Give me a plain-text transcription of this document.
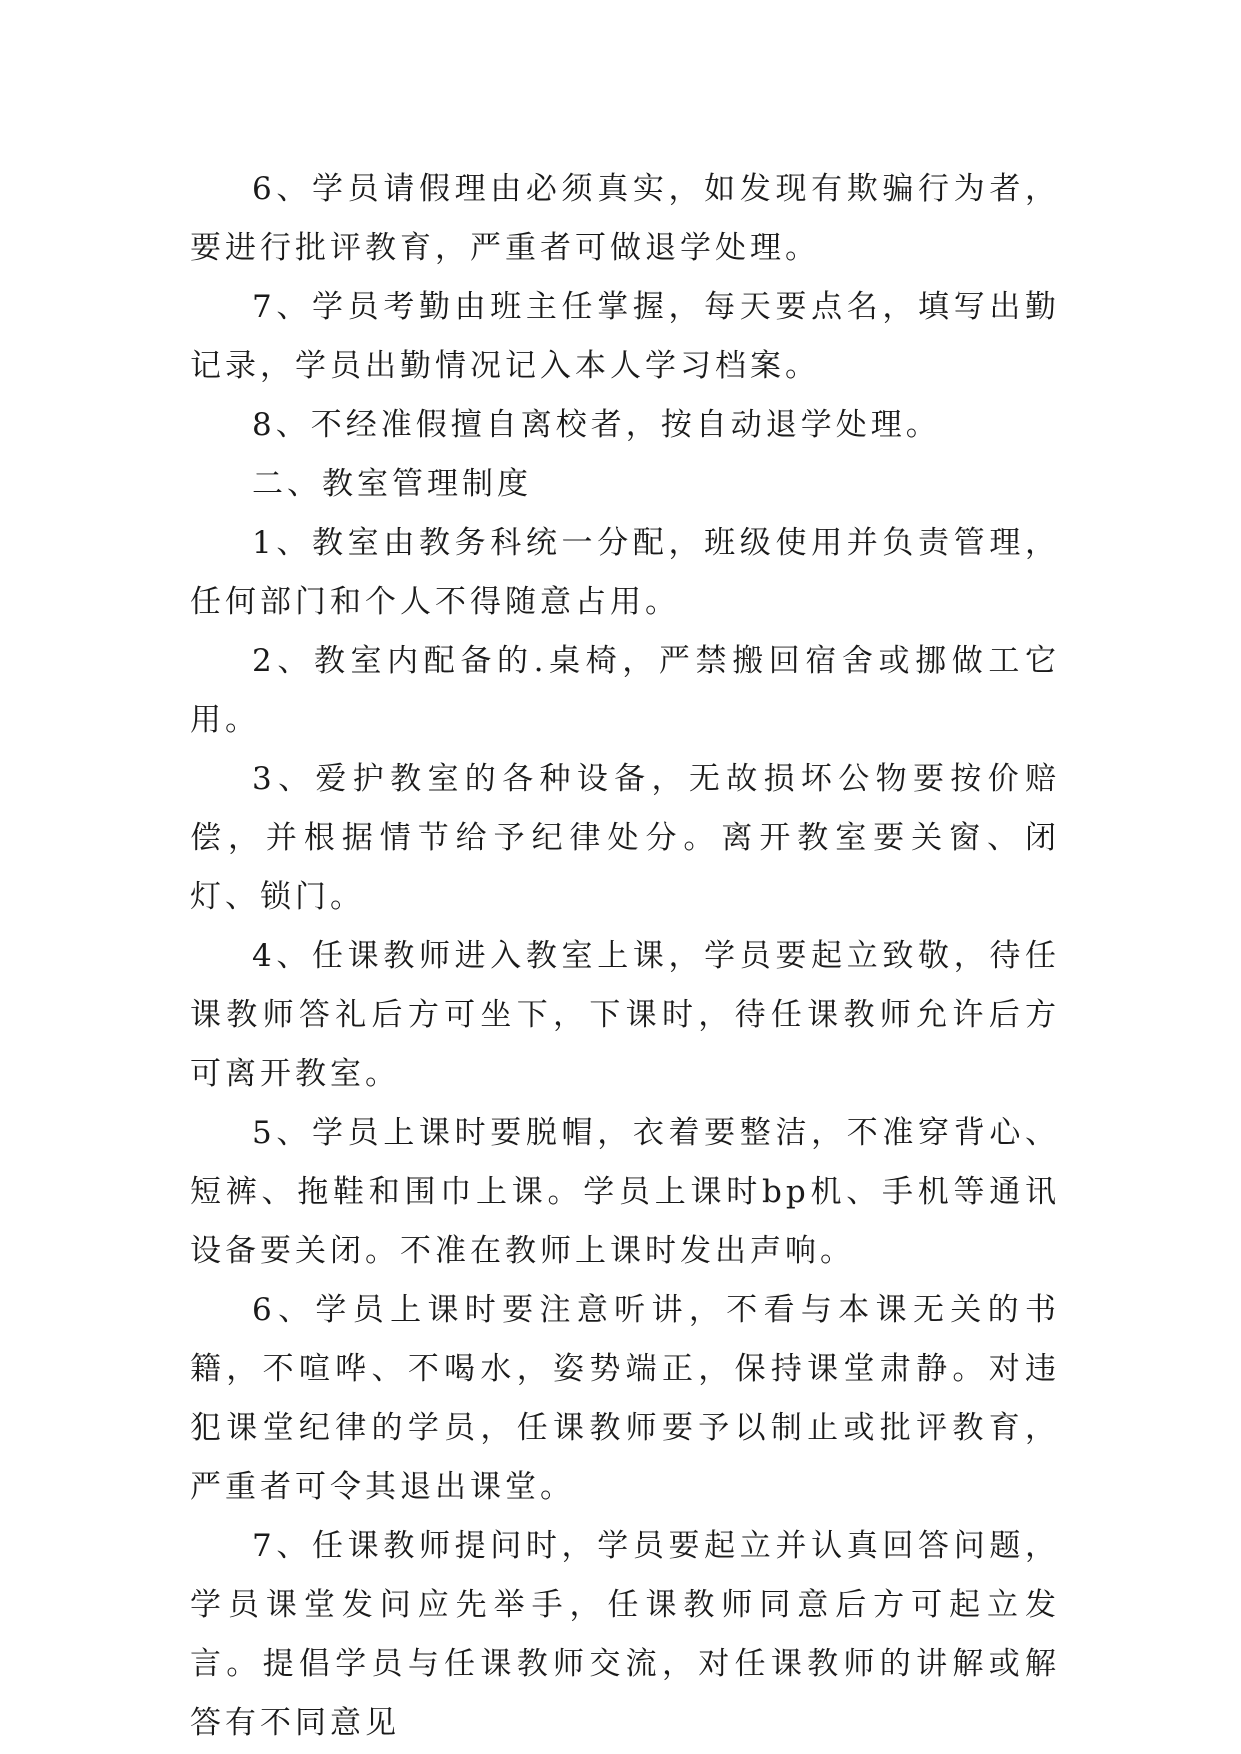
6、学员请假理由必须真实，如发现有欺骗行为者，要进行批评教育，严重者可做退学处理。

7、学员考勤由班主任掌握，每天要点名，填写出勤记录，学员出勤情况记入本人学习档案。

8、不经准假擅自离校者，按自动退学处理。

二、教室管理制度

1、教室由教务科统一分配，班级使用并负责管理，任何部门和个人不得随意占用。

2、教室内配备的.桌椅，严禁搬回宿舍或挪做工它用。

3、爱护教室的各种设备，无故损坏公物要按价赔偿，并根据情节给予纪律处分。离开教室要关窗、闭灯、锁门。

4、任课教师进入教室上课，学员要起立致敬，待任课教师答礼后方可坐下，下课时，待任课教师允许后方可离开教室。

5、学员上课时要脱帽，衣着要整洁，不准穿背心、短裤、拖鞋和围巾上课。学员上课时bp机、手机等通讯设备要关闭。不准在教师上课时发出声响。

6、学员上课时要注意听讲，不看与本课无关的书籍，不喧哗、不喝水，姿势端正，保持课堂肃静。对违犯课堂纪律的学员，任课教师要予以制止或批评教育，严重者可令其退出课堂。

7、任课教师提问时，学员要起立并认真回答问题，学员课堂发问应先举手，任课教师同意后方可起立发言。提倡学员与任课教师交流，对任课教师的讲解或解答有不同意见
